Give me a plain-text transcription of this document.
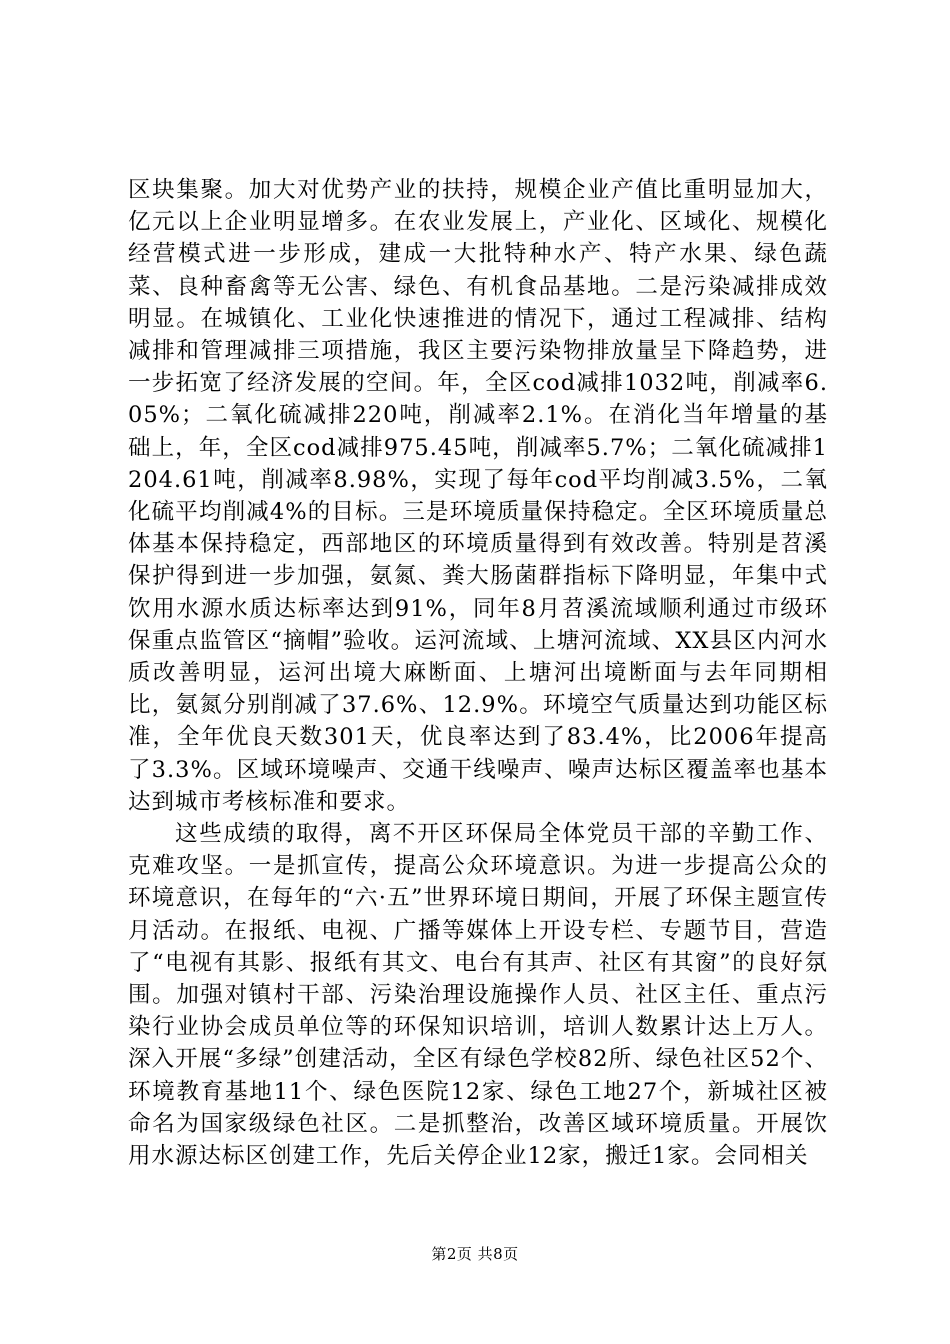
区块集聚。加大对优势产业的扶持，规模企业产值比重明显加大，亿元以上企业明显增多。在农业发展上，产业化、区域化、规模化经营模式进一步形成，建成一大批特种水产、特产水果、绿色蔬菜、良种畜禽等无公害、绿色、有机食品基地。二是污染减排成效明显。在城镇化、工业化快速推进的情况下，通过工程减排、结构减排和管理减排三项措施，我区主要污染物排放量呈下降趋势，进一步拓宽了经济发展的空间。年，全区cod减排1032吨，削减率6.05%；二氧化硫减排220吨，削减率2.1%。在消化当年增量的基础上，年，全区cod减排975.45吨，削减率5.7%；二氧化硫减排1204.61吨，削减率8.98%，实现了每年cod平均削减3.5%，二氧化硫平均削减4%的目标。三是环境质量保持稳定。全区环境质量总体基本保持稳定，西部地区的环境质量得到有效改善。特别是苕溪保护得到进一步加强，氨氮、粪大肠菌群指标下降明显，年集中式饮用水源水质达标率达到91%，同年8月苕溪流域顺利通过市级环保重点监管区“摘帽”验收。运河流域、上塘河流域、XX县区内河水质改善明显，运河出境大麻断面、上塘河出境断面与去年同期相比，氨氮分别削减了37.6%、12.9%。环境空气质量达到功能区标准，全年优良天数301天，优良率达到了83.4%，比2006年提高了3.3%。区域环境噪声、交通干线噪声、噪声达标区覆盖率也基本达到城市考核标准和要求。

这些成绩的取得，离不开区环保局全体党员干部的辛勤工作、克难攻坚。一是抓宣传，提高公众环境意识。为进一步提高公众的环境意识，在每年的“六·五”世界环境日期间，开展了环保主题宣传月活动。在报纸、电视、广播等媒体上开设专栏、专题节目，营造了“电视有其影、报纸有其文、电台有其声、社区有其窗”的良好氛围。加强对镇村干部、污染治理设施操作人员、社区主任、重点污染行业协会成员单位等的环保知识培训，培训人数累计达上万人。深入开展“多绿”创建活动，全区有绿色学校82所、绿色社区52个、环境教育基地11个、绿色医院12家、绿色工地27个，新城社区被命名为国家级绿色社区。二是抓整治，改善区域环境质量。开展饮用水源达标区创建工作，先后关停企业12家，搬迁1家。会同相关

第2页 共8页
